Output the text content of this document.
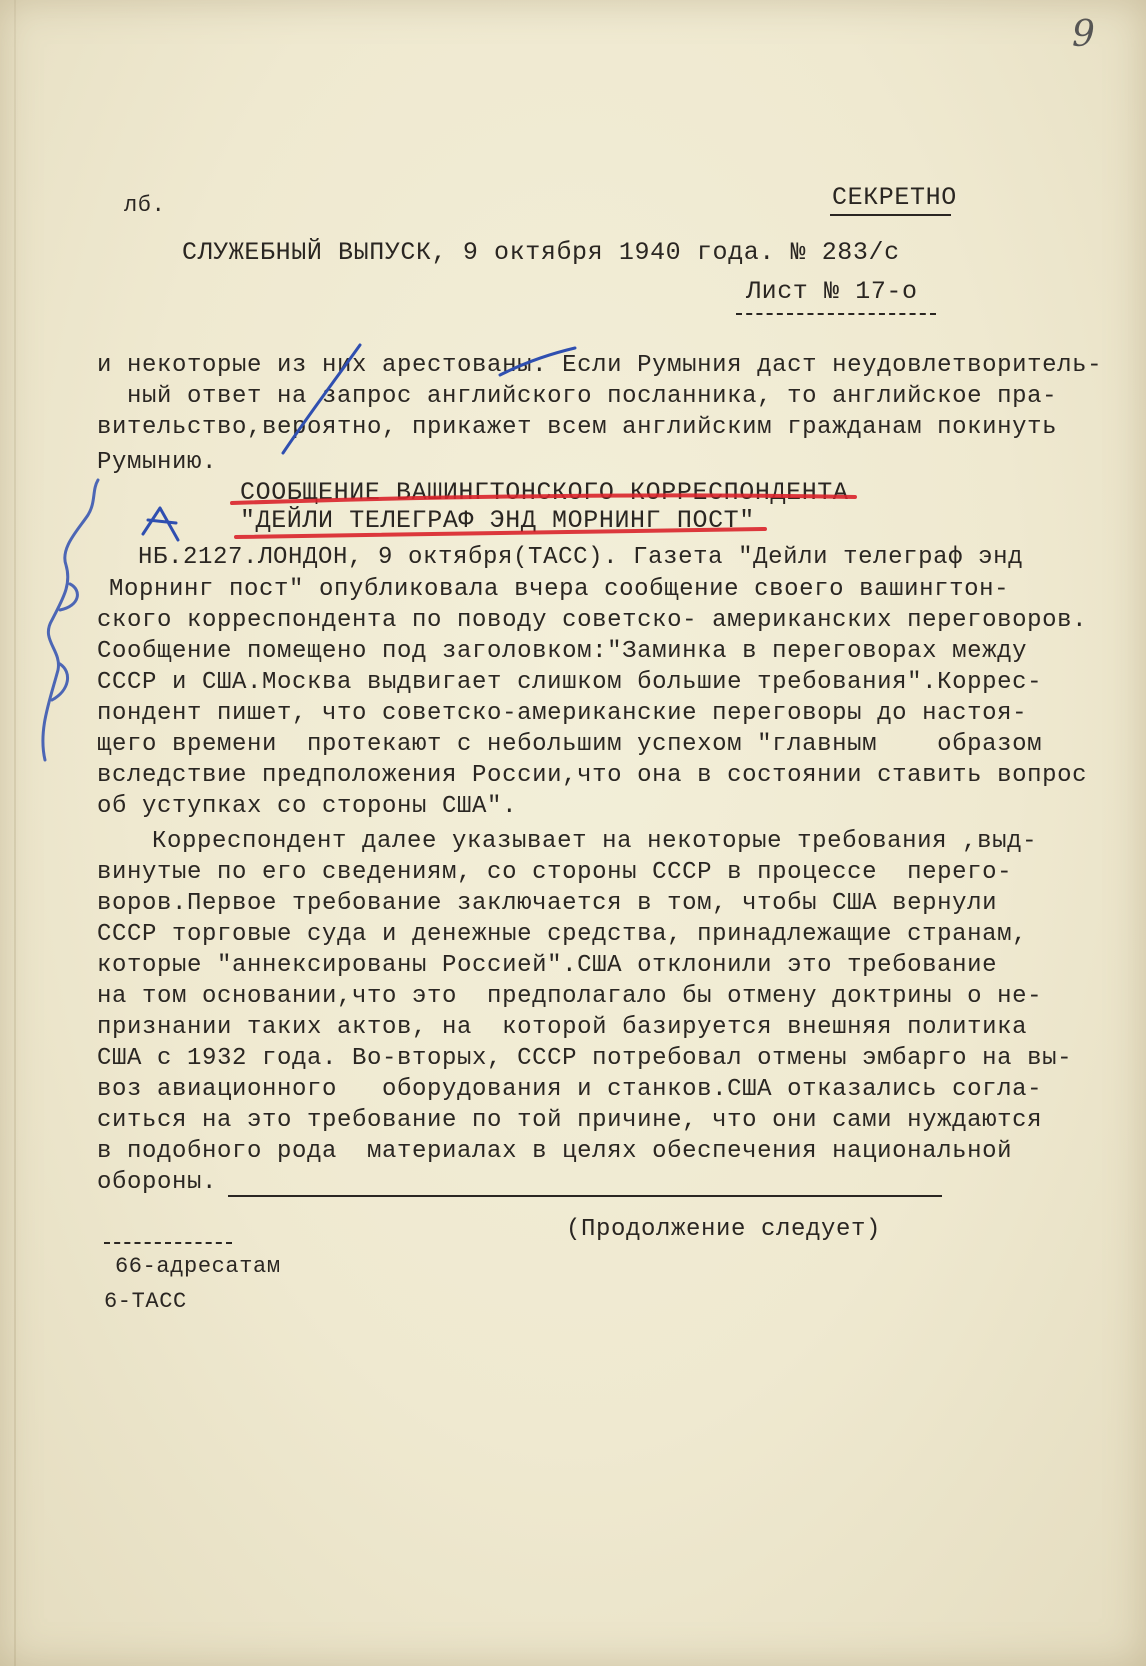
9
лб.	СЕКРЕТНО
СЛУЖЕБНЫЙ ВЫПУСК, 9 октября 1940 года. № 283/с
Лист № 17-о
и некоторые из них арестованы. Если Румыния даст неудовлетворитель-
ный ответ на запрос английского посланника, то английское пра-
вительство,вероятно, прикажет всем английским гражданам покинуть
Румынию.
СООБЩЕНИЕ ВАШИНГТОНСКОГО КОРРЕСПОНДЕНТА
"ДЕЙЛИ ТЕЛЕГРАФ ЭНД МОРНИНГ ПОСТ"
НБ.2127.ЛОНДОН, 9 октября(ТАСС). Газета "Дейли телеграф энд
Морнинг пост" опубликовала вчера сообщение своего вашингтон-
ского корреспондента по поводу советско- американских переговоров.
Сообщение помещено под заголовком:"Заминка в переговорах между
СССР и США.Москва выдвигает слишком большие требования".Коррес-
пондент пишет, что советско-американские переговоры до настоя-
щего времени  протекают с небольшим успехом "главным    образом
вследствие предположения России,что она в состоянии ставить вопрос
об уступках со стороны США".
Корреспондент далее указывает на некоторые требования ,выд-
винутые по его сведениям, со стороны СССР в процессе  перего-
воров.Первое требование заключается в том, чтобы США вернули
СССР торговые суда и денежные средства, принадлежащие странам,
которые "аннексированы Россией".США отклонили это требование
на том основании,что это  предполагало бы отмену доктрины о не-
признании таких актов, на  которой базируется внешняя политика
США с 1932 года. Во-вторых, СССР потребовал отмены эмбарго на вы-
воз авиационного   оборудования и станков.США отказались согла-
ситься на это требование по той причине, что они сами нуждаются
в подобного рода  материалах в целях обеспечения национальной
обороны.
(Продолжение следует)
66-адресатам
6-ТАСС
